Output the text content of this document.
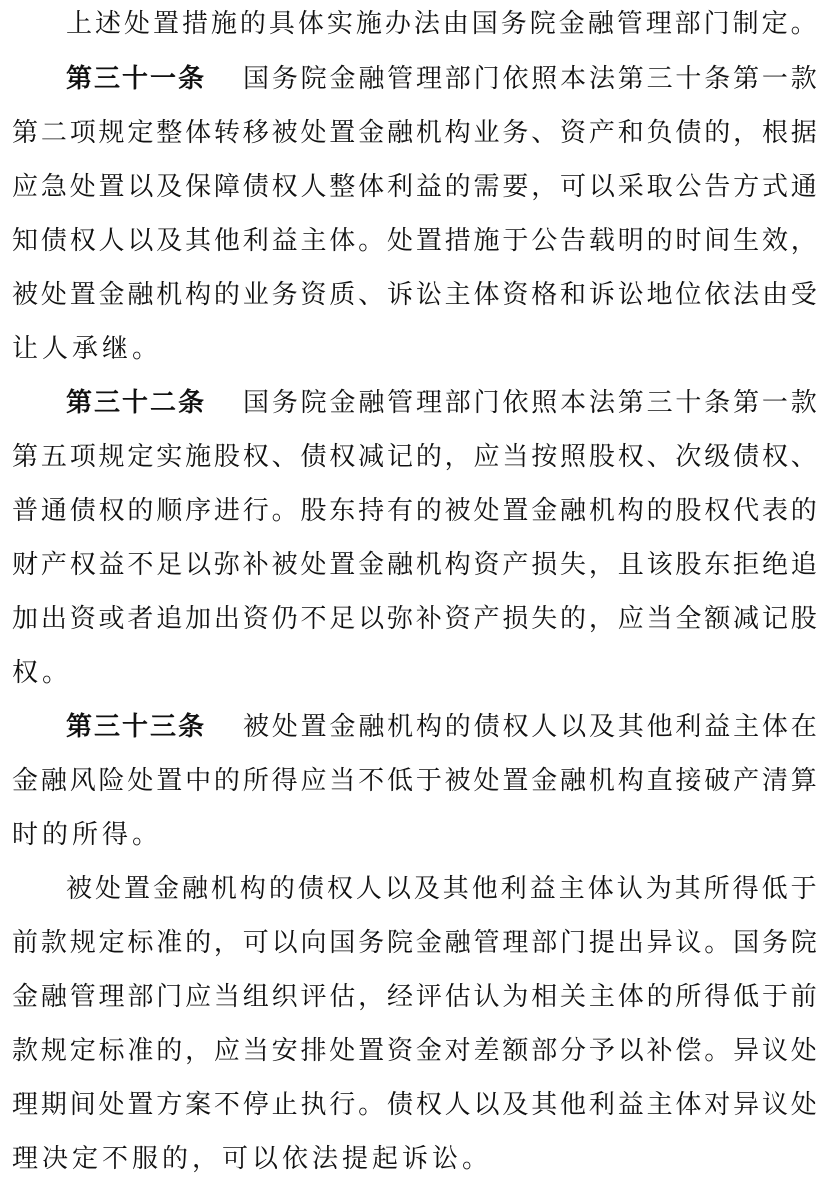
上 述 处 置 措 施 的 具 体 实 施 办 法 由 国 务 院 金 融 管 理 部 门 制 定 。
第三十一条 国 务 院 金 融 管 理 部 门 依 照 本 法 第 三 十 条 第 一 款
第 二 项 规 定 整 体 转 移 被 处 置 金 融 机 构 业 务 、 资 产 和 负 债 的 ， 根 据
应 急 处 置 以 及 保 障 债 权 人 整 体 利 益 的 需 要 ， 可 以 采 取 公 告 方 式 通
知 债 权 人 以 及 其 他 利 益 主 体 。 处 置 措 施 于 公 告 载 明 的 时 间 生 效 ，
被 处 置 金 融 机 构 的 业 务 资 质 、 诉 讼 主 体 资 格 和 诉 讼 地 位 依 法 由 受
让人承继。
第三十二条 国 务 院 金 融 管 理 部 门 依 照 本 法 第 三 十 条 第 一 款
第 五 项 规 定 实 施 股 权 、 债 权 减 记 的 ， 应 当 按 照 股 权 、 次 级 债 权 、
普 通 债 权 的 顺 序 进 行 。 股 东 持 有 的 被 处 置 金 融 机 构 的 股 权 代 表 的
财 产 权 益 不 足 以 弥 补 被 处 置 金 融 机 构 资 产 损 失 ， 且 该 股 东 拒 绝 追
加 出 资 或 者 追 加 出 资 仍 不 足 以 弥 补 资 产 损 失 的 ， 应 当 全 额 减 记 股
权。
第三十三条 被 处 置 金 融 机 构 的 债 权 人 以 及 其 他 利 益 主 体 在
金 融 风 险 处 置 中 的 所 得 应 当 不 低 于 被 处 置 金 融 机 构 直 接 破 产 清 算
时的所得。
被 处 置 金 融 机 构 的 债 权 人 以 及 其 他 利 益 主 体 认 为 其 所 得 低 于
前 款 规 定 标 准 的 ， 可 以 向 国 务 院 金 融 管 理 部 门 提 出 异 议 。 国 务 院
金 融 管 理 部 门 应 当 组 织 评 估 ， 经 评 估 认 为 相 关 主 体 的 所 得 低 于 前
款 规 定 标 准 的 ， 应 当 安 排 处 置 资 金 对 差 额 部 分 予 以 补 偿 。 异 议 处
理 期 间 处 置 方 案 不 停 止 执 行 。 债 权 人 以 及 其 他 利 益 主 体 对 异 议 处
理决定不服的，可以依法提起诉讼。
